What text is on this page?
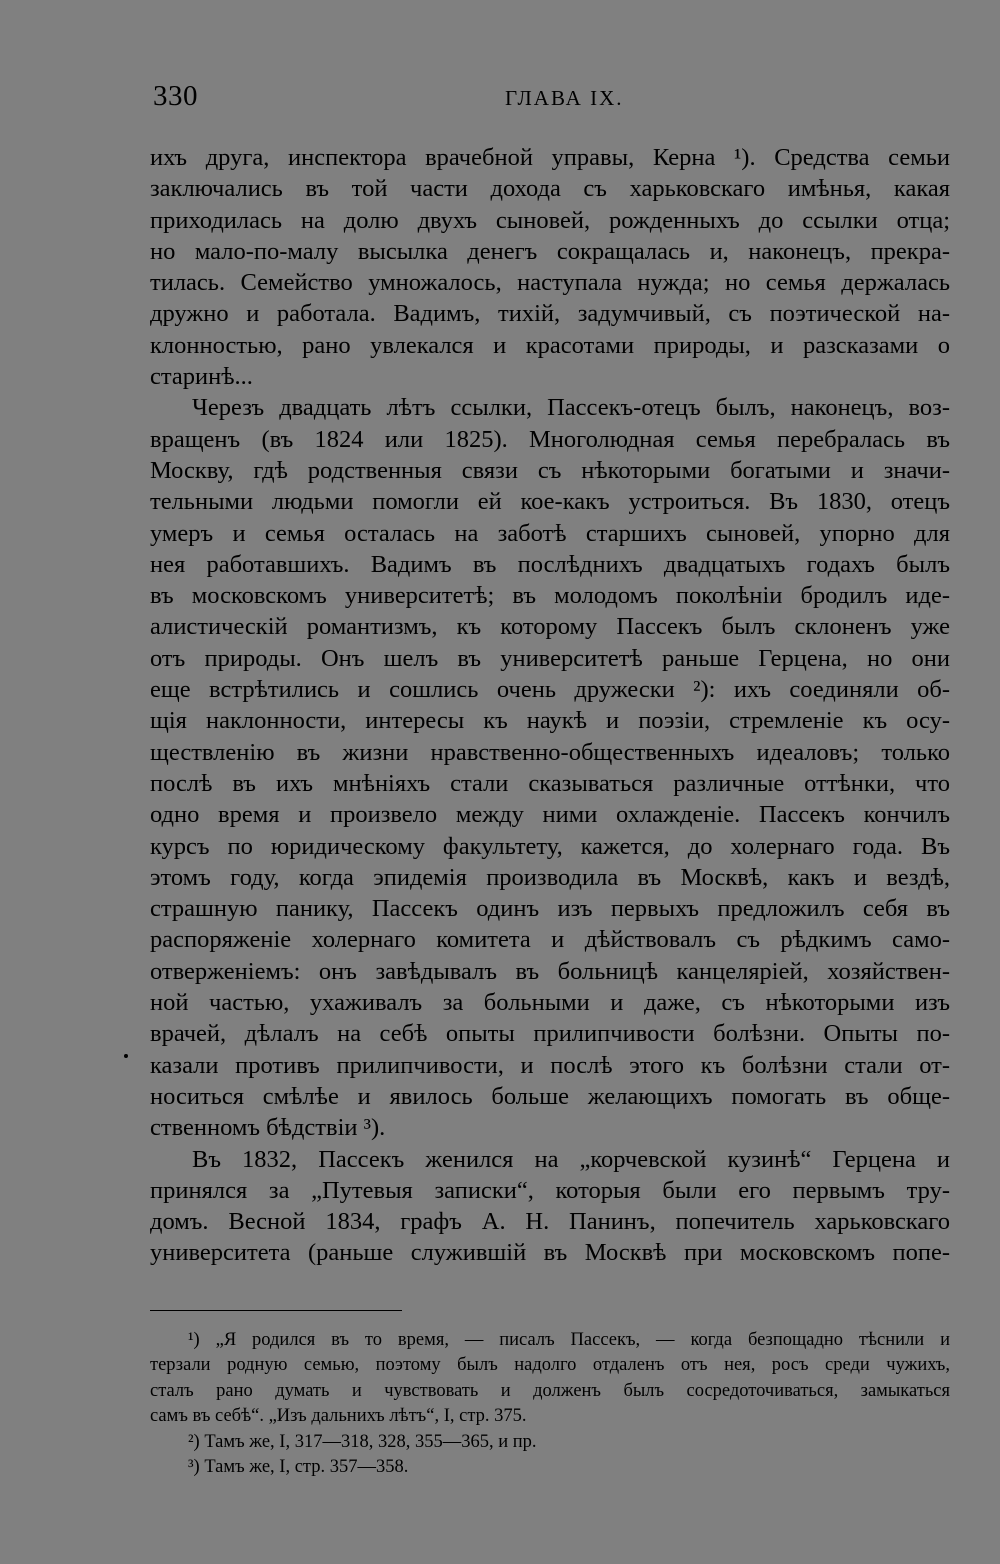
330	ГЛАВА IX.
ихъ друга, инспектора врачебной управы, Керна ¹). Средства семьи
заключались въ той части дохода съ харьковскаго имѣнья, какая
приходилась на долю двухъ сыновей, рожденныхъ до ссылки отца;
но мало-по-малу высылка денегъ сокращалась и, наконецъ, прекра-
тилась. Семейство умножалось, наступала нужда; но семья держалась
дружно и работала. Вадимъ, тихій, задумчивый, съ поэтической на-
клонностью, рано увлекался и красотами природы, и разсказами о
старинѣ...
Черезъ двадцать лѣтъ ссылки, Пассекъ-отецъ былъ, наконецъ, воз-
вращенъ (въ 1824 или 1825). Многолюдная семья перебралась въ
Москву, гдѣ родственныя связи съ нѣкоторыми богатыми и значи-
тельными людьми помогли ей кое-какъ устроиться. Въ 1830, отецъ
умеръ и семья осталась на заботѣ старшихъ сыновей, упорно для
нея работавшихъ. Вадимъ въ послѣднихъ двадцатыхъ годахъ былъ
въ московскомъ университетѣ; въ молодомъ поколѣніи бродилъ иде-
алистическій романтизмъ, къ которому Пассекъ былъ склоненъ уже
отъ природы. Онъ шелъ въ университетѣ раньше Герцена, но они
еще встрѣтились и сошлись очень дружески ²): ихъ соединяли об-
щія наклонности, интересы къ наукѣ и поэзіи, стремленіе къ осу-
ществленію въ жизни нравственно-общественныхъ идеаловъ; только
послѣ въ ихъ мнѣніяхъ стали сказываться различные оттѣнки, что
одно время и произвело между ними охлажденіе. Пассекъ кончилъ
курсъ по юридическому факультету, кажется, до холернаго года. Въ
этомъ году, когда эпидемія производила въ Москвѣ, какъ и вездѣ,
страшную панику, Пассекъ одинъ изъ первыхъ предложилъ себя въ
распоряженіе холернаго комитета и дѣйствовалъ съ рѣдкимъ само-
отверженіемъ: онъ завѣдывалъ въ больницѣ канцеляріей, хозяйствен-
ной частью, ухаживалъ за больными и даже, съ нѣкоторыми изъ
врачей, дѣлалъ на себѣ опыты прилипчивости болѣзни. Опыты по-
казали противъ прилипчивости, и послѣ этого къ болѣзни стали от-
носиться смѣлѣе и явилось больше желающихъ помогать въ обще-
ственномъ бѣдствіи ³).
Въ 1832, Пассекъ женился на „корчевской кузинѣ“ Герцена и
принялся за „Путевыя записки“, которыя были его первымъ тру-
домъ. Весной 1834, графъ А. Н. Панинъ, попечитель харьковскаго
университета (раньше служившій въ Москвѣ при московскомъ попе-
¹) „Я родился въ то время, — писалъ Пассекъ, — когда безпощадно тѣснили и
терзали родную семью, поэтому былъ надолго отдаленъ отъ нея, росъ среди чужихъ,
сталъ рано думать и чувствовать и долженъ былъ сосредоточиваться, замыкаться
самъ въ себѣ“. „Изъ дальнихъ лѣтъ“, I, стр. 375.
²) Тамъ же, I, 317—318, 328, 355—365, и пр.
³) Тамъ же, I, стр. 357—358.
